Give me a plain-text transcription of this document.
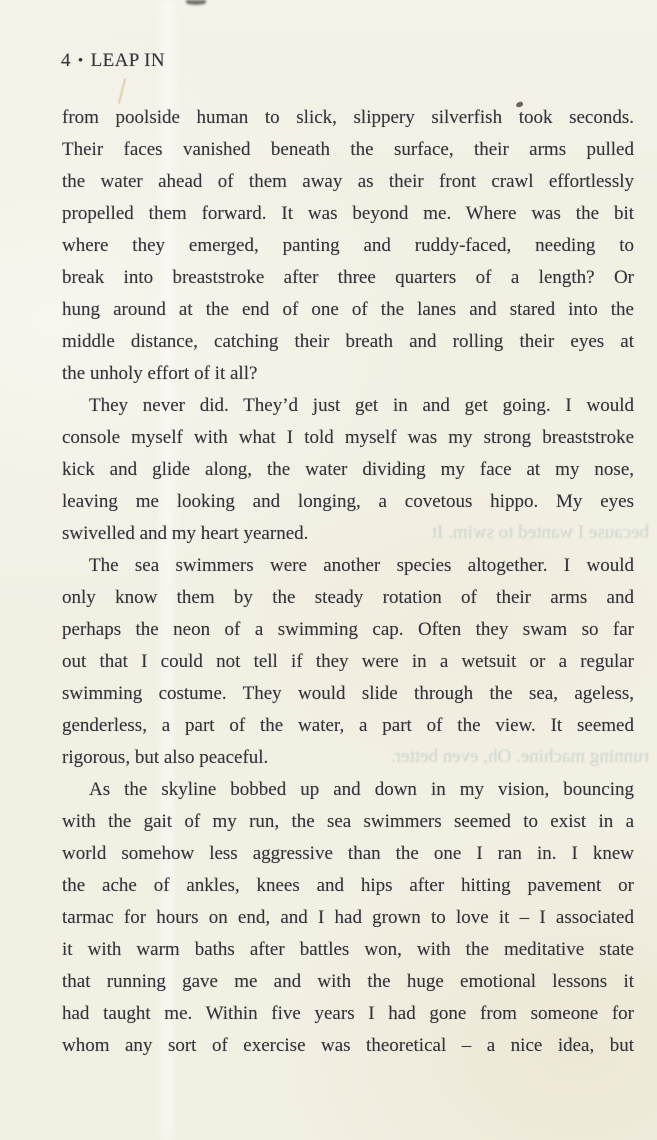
4 • LEAP IN
from poolside human to slick, slippery silverfish took seconds.
Their faces vanished beneath the surface, their arms pulled
the water ahead of them away as their front crawl effortlessly
propelled them forward. It was beyond me. Where was the bit
where they emerged, panting and ruddy-faced, needing to
break into breaststroke after three quarters of a length? Or
hung around at the end of one of the lanes and stared into the
middle distance, catching their breath and rolling their eyes at
the unholy effort of it all?
They never did. They’d just get in and get going. I would
console myself with what I told myself was my strong breaststroke
kick and glide along, the water dividing my face at my nose,
leaving me looking and longing, a covetous hippo. My eyes
swivelled and my heart yearned.
The sea swimmers were another species altogether. I would
only know them by the steady rotation of their arms and
perhaps the neon of a swimming cap. Often they swam so far
out that I could not tell if they were in a wetsuit or a regular
swimming costume. They would slide through the sea, ageless,
genderless, a part of the water, a part of the view. It seemed
rigorous, but also peaceful.
As the skyline bobbed up and down in my vision, bouncing
with the gait of my run, the sea swimmers seemed to exist in a
world somehow less aggressive than the one I ran in. I knew
the ache of ankles, knees and hips after hitting pavement or
tarmac for hours on end, and I had grown to love it – I associated
it with warm baths after battles won, with the meditative state
that running gave me and with the huge emotional lessons it
had taught me. Within five years I had gone from someone for
whom any sort of exercise was theoretical – a nice idea, but
because I wanted to swim. It
running machine. Oh, even better.
